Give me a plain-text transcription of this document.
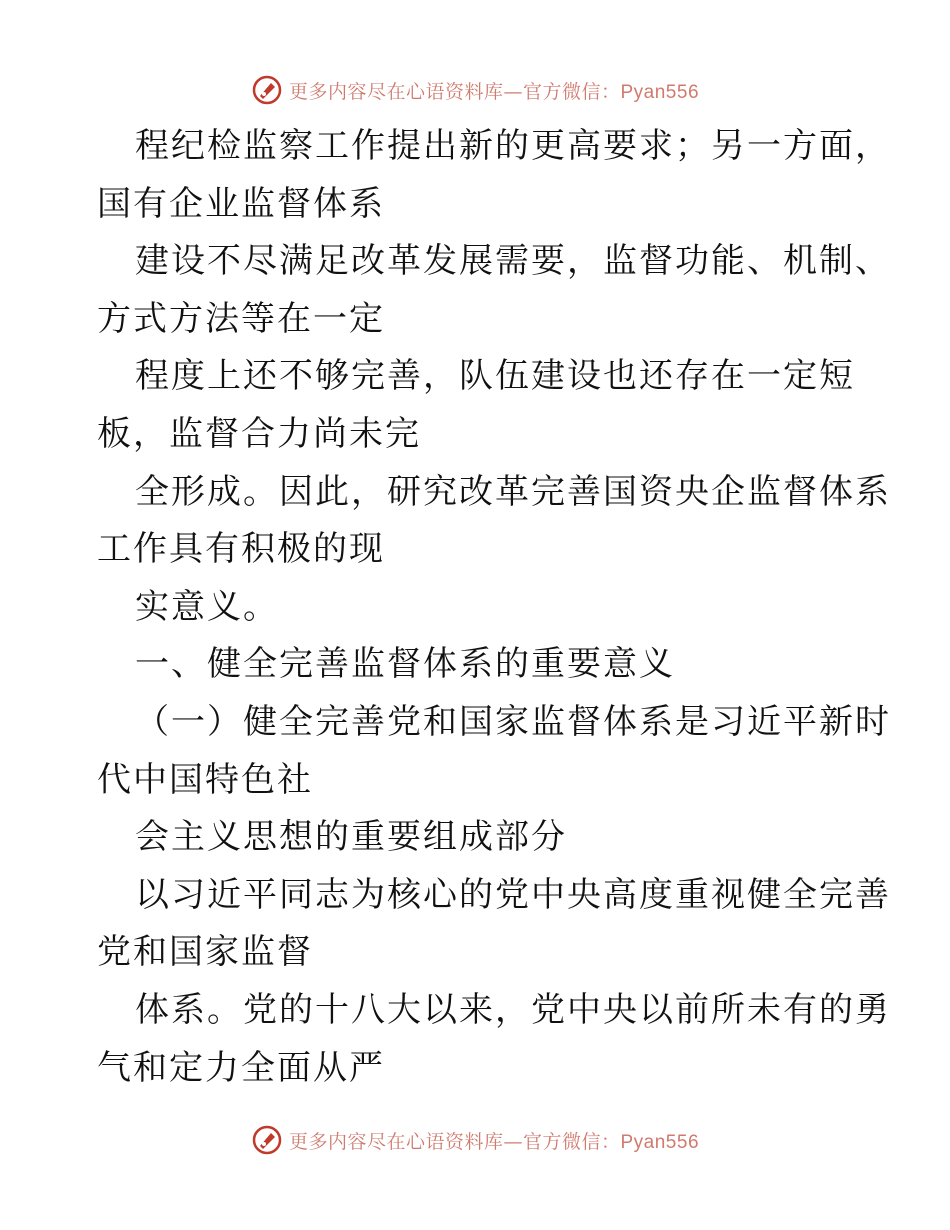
更多内容尽在心语资料库—官方微信：Pyan556
程纪检监察工作提出新的更高要求；另一方面，
国有企业监督体系
建设不尽满足改革发展需要，监督功能、机制、
方式方法等在一定
程度上还不够完善，队伍建设也还存在一定短
板，监督合力尚未完
全形成。因此，研究改革完善国资央企监督体系
工作具有积极的现
实意义。
一、健全完善监督体系的重要意义
（一）健全完善党和国家监督体系是习近平新时
代中国特色社
会主义思想的重要组成部分
以习近平同志为核心的党中央高度重视健全完善
党和国家监督
体系。党的十八大以来，党中央以前所未有的勇
气和定力全面从严
更多内容尽在心语资料库—官方微信：Pyan556
